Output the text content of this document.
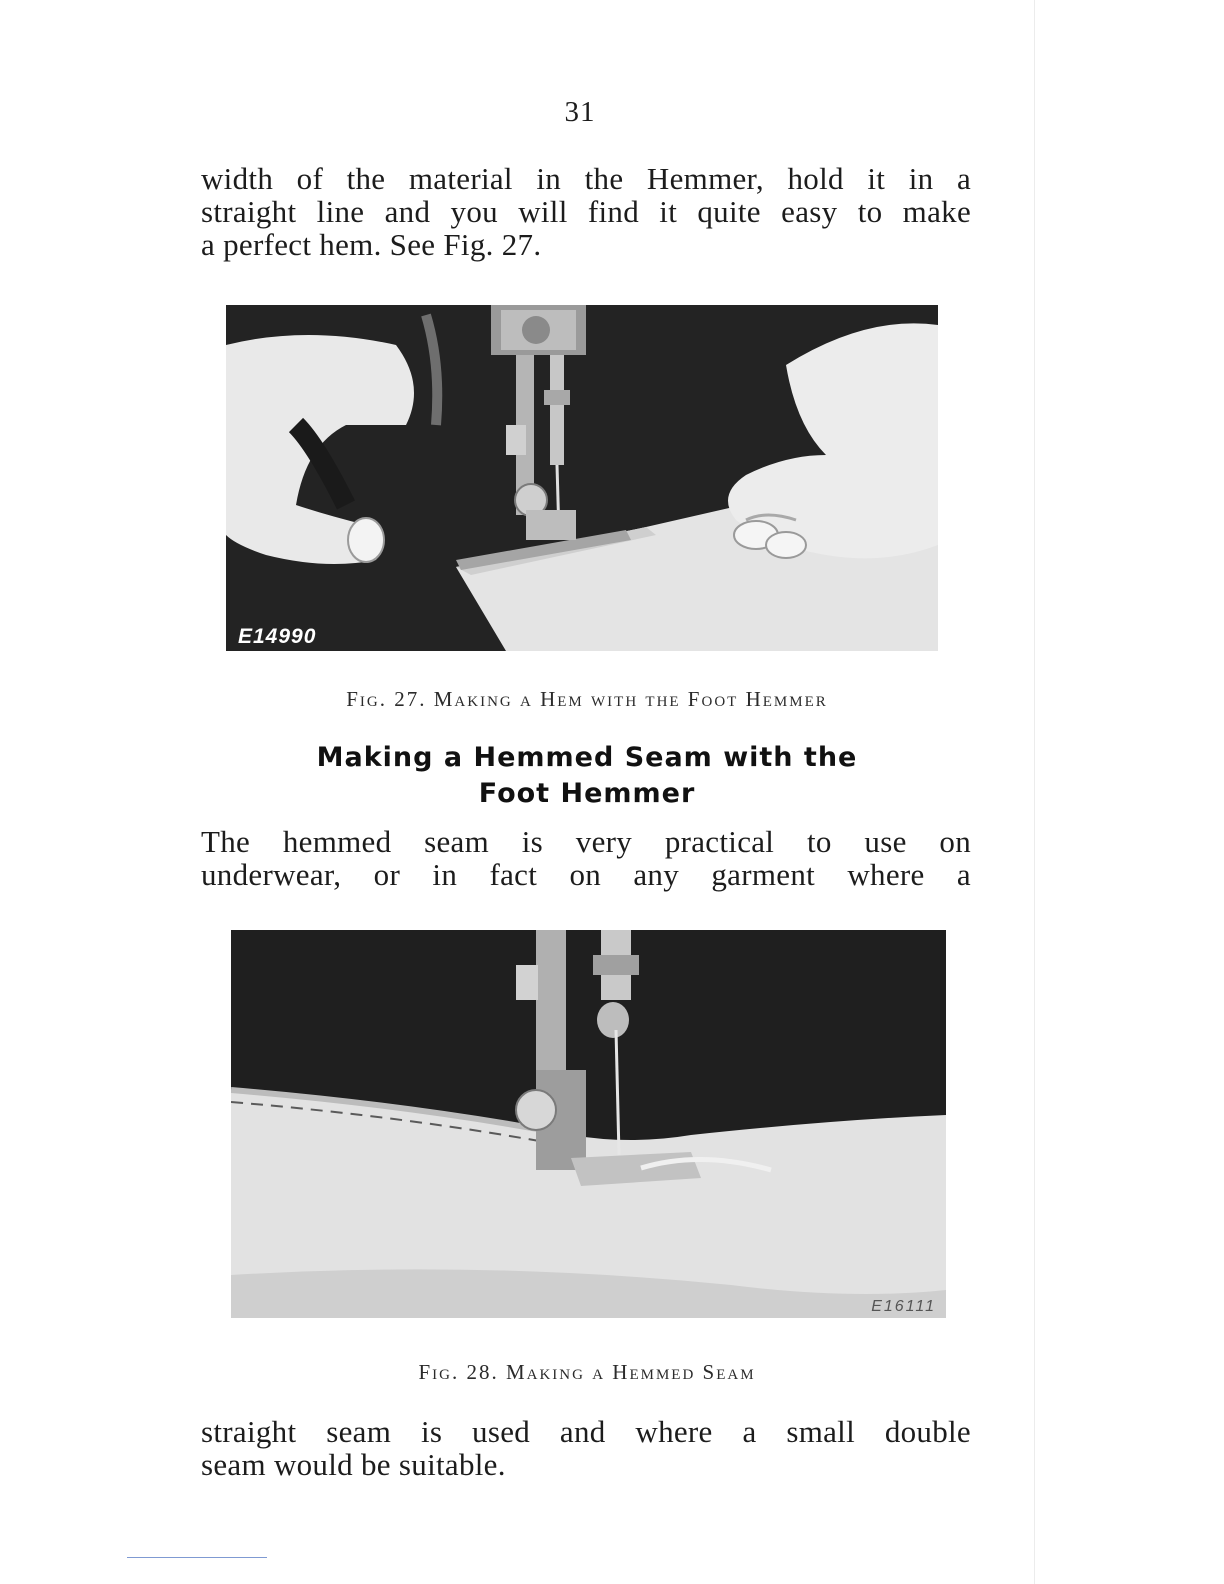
31
width of the material in the Hemmer, hold it in a
straight line and you will find it quite easy to make
a perfect hem. See Fig. 27.
E14990
Fig. 27. Making a Hem with the Foot Hemmer
Making a Hemmed Seam with the
Foot Hemmer
The hemmed seam is very practical to use on
underwear, or in fact on any garment where a
E16111
Fig. 28. Making a Hemmed Seam
straight seam is used and where a small double
seam would be suitable.
